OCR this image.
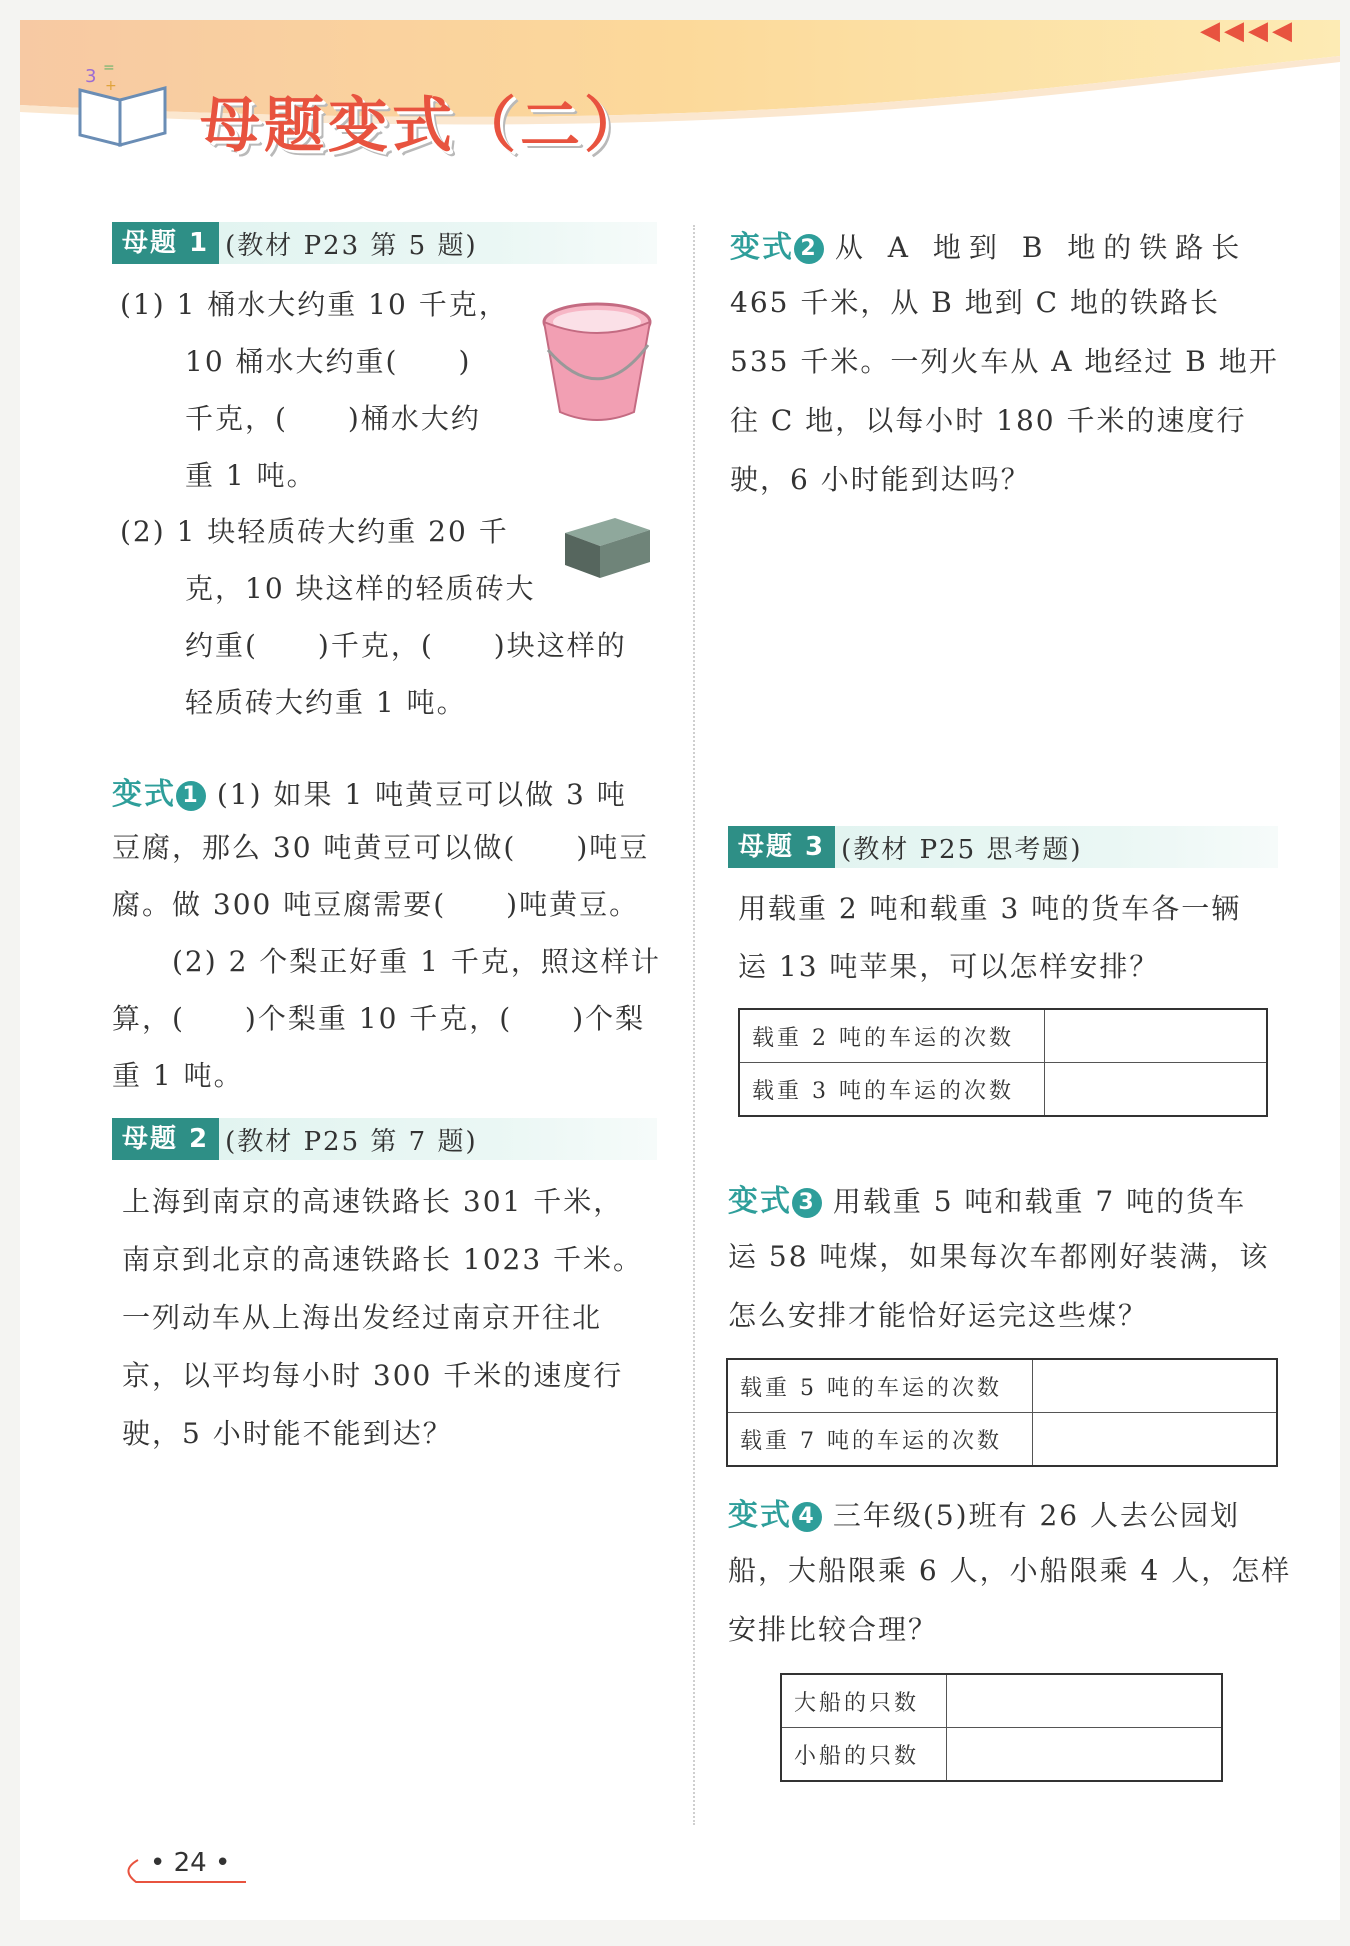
3 =
+
母题变式（二）
◀◀◀◀
母题 1 (教材 P23 第 5 题)
(1) 1 桶水大约重 10 千克，
10 桶水大约重(　　)
千克，(　　)桶水大约
重 1 吨。
(2) 1 块轻质砖大约重 20 千
克，10 块这样的轻质砖大
约重(　　)千克，(　　)块这样的
轻质砖大约重 1 吨。
变式 1 (1) 如果 1 吨黄豆可以做 3 吨
豆腐，那么 30 吨黄豆可以做(　　)吨豆
腐。做 300 吨豆腐需要(　　)吨黄豆。
(2) 2 个梨正好重 1 千克，照这样计
算，(　　)个梨重 10 千克，(　　)个梨
重 1 吨。
母题 2 (教材 P25 第 7 题)
上海到南京的高速铁路长 301 千米，
南京到北京的高速铁路长 1023 千米。
一列动车从上海出发经过南京开往北
京，以平均每小时 300 千米的速度行
驶，5 小时能不能到达？
变式 2 从 A 地到 B 地的铁路长
465 千米，从 B 地到 C 地的铁路长
535 千米。一列火车从 A 地经过 B 地开
往 C 地，以每小时 180 千米的速度行
驶，6 小时能到达吗？
母题 3 (教材 P25 思考题)
用载重 2 吨和载重 3 吨的货车各一辆
运 13 吨苹果，可以怎样安排？
载重 2 吨的车运的次数	
载重 3 吨的车运的次数	
变式 3 用载重 5 吨和载重 7 吨的货车
运 58 吨煤，如果每次车都刚好装满，该
怎么安排才能恰好运完这些煤？
载重 5 吨的车运的次数	
载重 7 吨的车运的次数	
变式 4 三年级(5)班有 26 人去公园划
船，大船限乘 6 人，小船限乘 4 人，怎样
安排比较合理？
大船的只数	
小船的只数	
• 24 •
